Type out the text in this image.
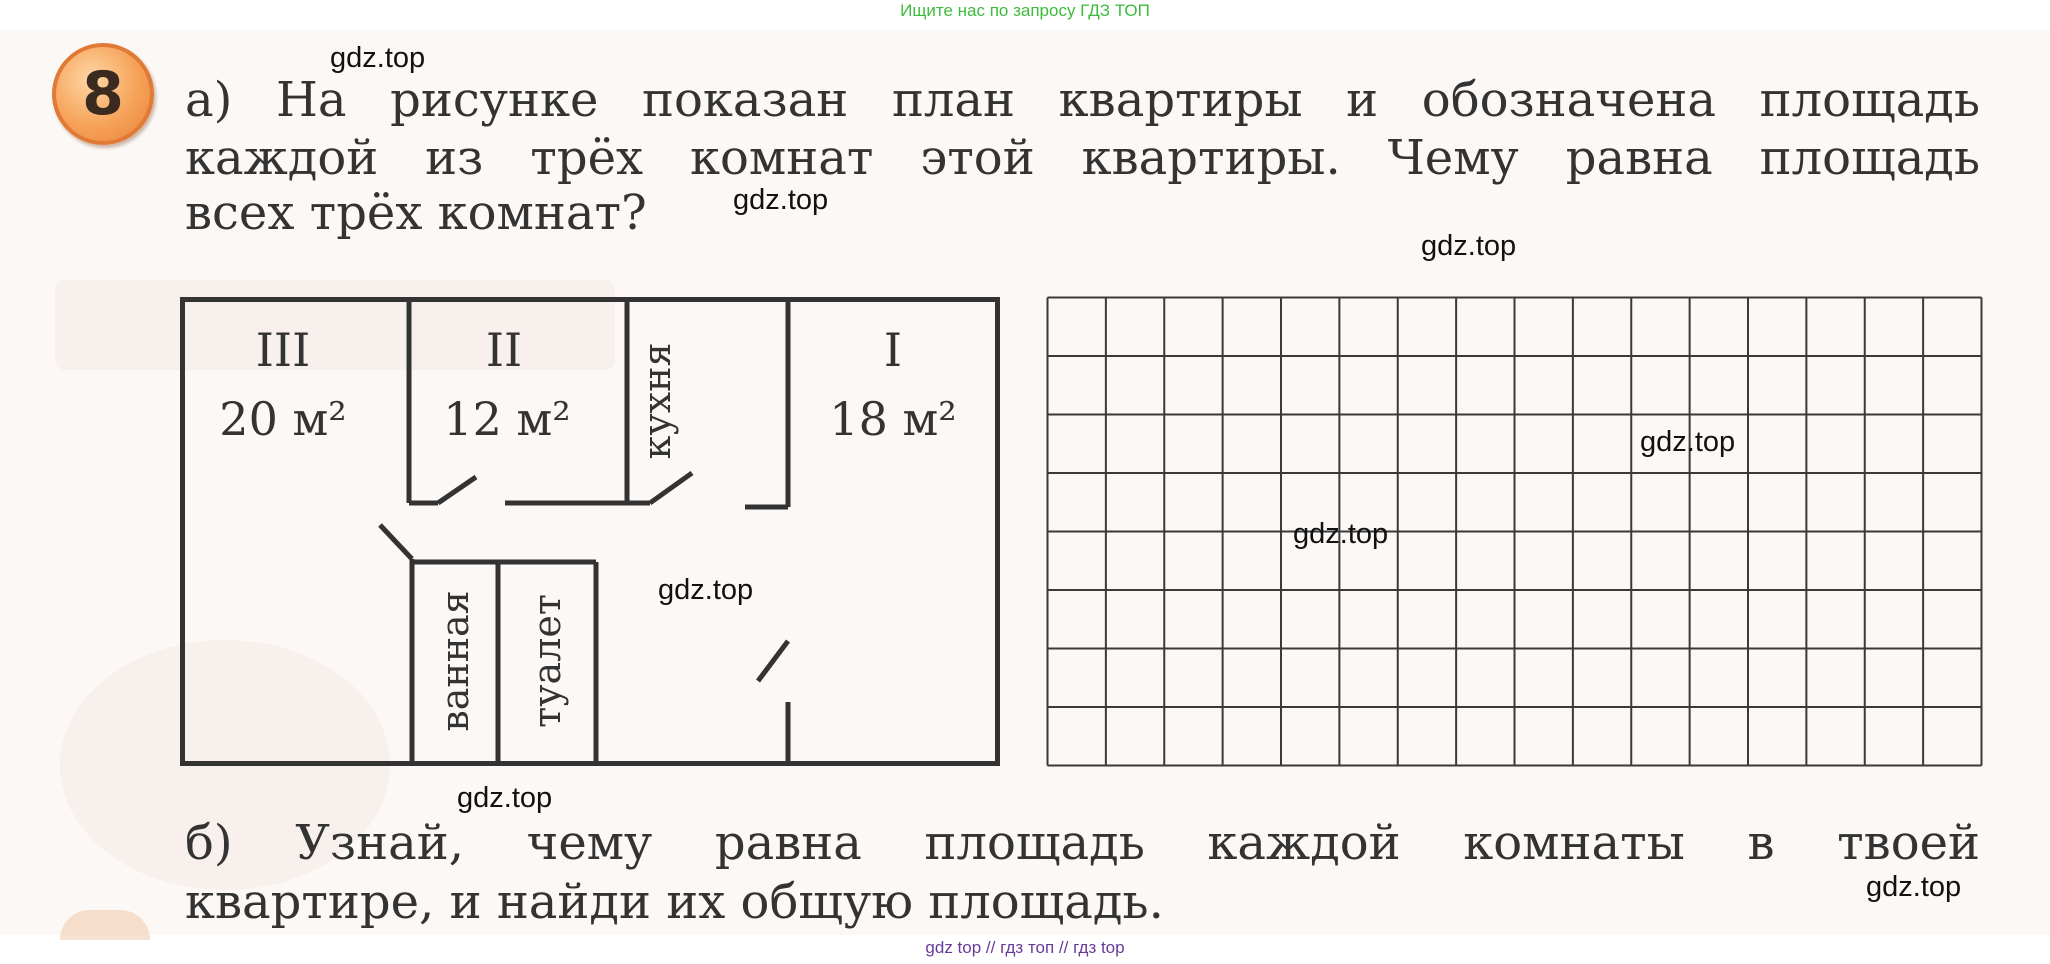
Ищите нас по запросу ГДЗ ТОП
8	а) На рисунке показан план квартиры и обозначена площадь
каждой из трёх комнат этой квартиры. Чему равна площадь
всех трёх комнат?
III
20 м²
II
12 м²
I
18 м²
кухня
ванная туалет
б) Узнай, чему равна площадь каждой комнаты в твоей
квартире, и найди их общую площадь.
gdz.top
gdz.top
gdz.top
gdz.top
gdz.top
gdz.top
gdz.top
gdz.top
gdz top // гдз топ // гдз top
